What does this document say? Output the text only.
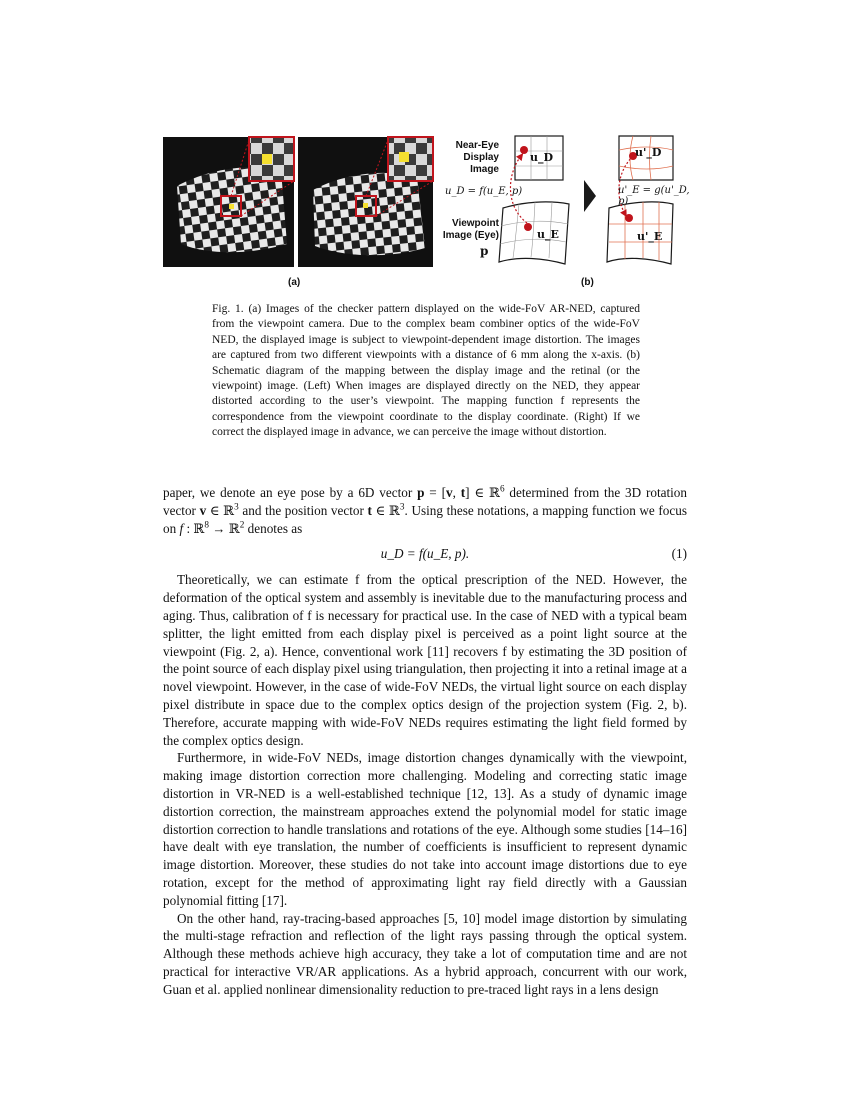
Near-Eye
Display
Image
u_D
u_D = f(u_E, p)
Viewpoint
Image (Eye)
p
u_E
u'_D
u'_E = g(u'_D, p)
u'_E
(a)	(b)
Fig. 1. (a) Images of the checker pattern displayed on the wide-FoV AR-NED, captured from the viewpoint camera. Due to the complex beam combiner optics of the wide-FoV NED, the displayed image is subject to viewpoint-dependent image distortion. The images are captured from two different viewpoints with a distance of 6 mm along the x-axis. (b) Schematic diagram of the mapping between the display image and the retinal (or the viewpoint) image. (Left) When images are displayed directly on the NED, they appear distorted according to the user’s viewpoint. The mapping function f represents the correspondence from the viewpoint coordinate to the display coordinate. (Right) If we correct the displayed image in advance, we can perceive the image without distortion.

paper, we denote an eye pose by a 6D vector p = [v, t] ∈ ℝ$^6$ determined from the 3D rotation vector v ∈ ℝ$^3$ and the position vector t ∈ ℝ$^3$. Using these notations, a mapping function we focus on f : ℝ$^8$ → ℝ$^2$ denotes as

u_D = f(u_E, p).	(1)

Theoretically, we can estimate f from the optical prescription of the NED. However, the deformation of the optical system and assembly is inevitable due to the manufacturing process and aging. Thus, calibration of f is necessary for practical use. In the case of NED with a typical beam splitter, the light emitted from each display pixel is perceived as a point light source at the viewpoint (Fig. 2, a). Hence, conventional work [11] recovers f by estimating the 3D position of the point source of each display pixel using triangulation, then projecting it into a retinal image at a novel viewpoint. However, in the case of wide-FoV NEDs, the virtual light source on each display pixel distribute in space due to the complex optics design of the projection system (Fig. 2, b). Therefore, accurate mapping with wide-FoV NEDs requires estimating the light field formed by the complex optics design.

Furthermore, in wide-FoV NEDs, image distortion changes dynamically with the viewpoint, making image distortion correction more challenging. Modeling and correcting static image distortion in VR-NED is a well-established technique [12, 13]. As a study of dynamic image distortion correction, the mainstream approaches extend the polynomial model for static image distortion correction to handle translations and rotations of the eye. Although some studies [14–16] have dealt with eye translation, the number of coefficients is insufficient to represent dynamic image distortion. Moreover, these studies do not take into account image distortions due to eye rotation, except for the method of approximating light ray field directly with a Gaussian polynomial fitting [17].

On the other hand, ray-tracing-based approaches [5, 10] model image distortion by simulating the multi-stage refraction and reflection of the light rays passing through the optical system. Although these methods achieve high accuracy, they take a lot of computation time and are not practical for interactive VR/AR applications. As a hybrid approach, concurrent with our work, Guan et al. applied nonlinear dimensionality reduction to pre-traced light rays in a lens design
